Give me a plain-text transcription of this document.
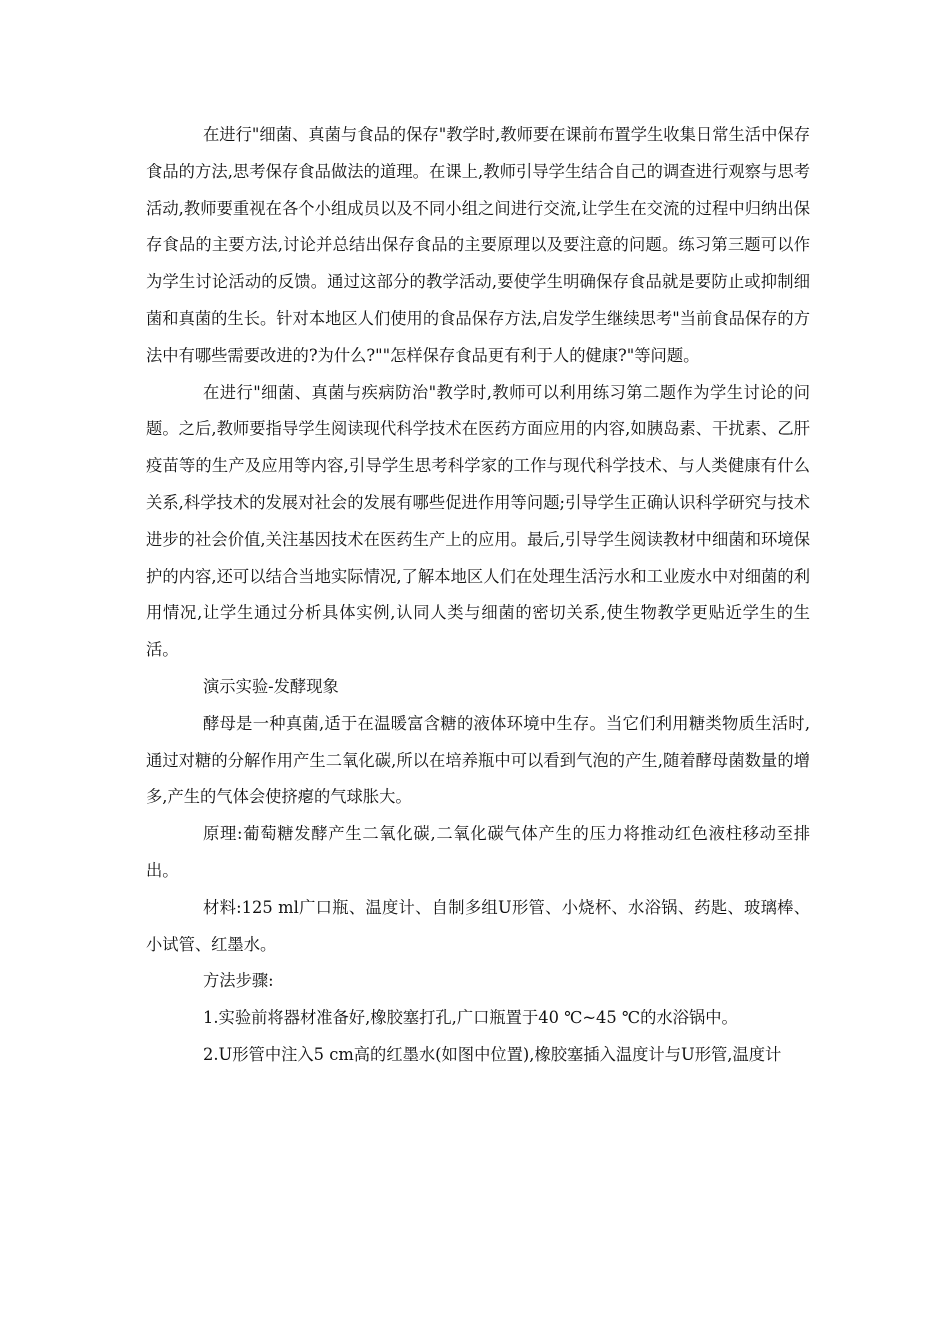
在进行"细菌、真菌与食品的保存"教学时,教师要在课前布置学生收集日常生活中保存食品的方法,思考保存食品做法的道理。在课上,教师引导学生结合自己的调查进行观察与思考活动,教师要重视在各个小组成员以及不同小组之间进行交流,让学生在交流的过程中归纳出保存食品的主要方法,讨论并总结出保存食品的主要原理以及要注意的问题。练习第三题可以作为学生讨论活动的反馈。通过这部分的教学活动,要使学生明确保存食品就是要防止或抑制细菌和真菌的生长。针对本地区人们使用的食品保存方法,启发学生继续思考"当前食品保存的方法中有哪些需要改进的?为什么?""怎样保存食品更有利于人的健康?"等问题。

在进行"细菌、真菌与疾病防治"教学时,教师可以利用练习第二题作为学生讨论的问题。之后,教师要指导学生阅读现代科学技术在医药方面应用的内容,如胰岛素、干扰素、乙肝疫苗等的生产及应用等内容,引导学生思考科学家的工作与现代科学技术、与人类健康有什么关系,科学技术的发展对社会的发展有哪些促进作用等问题;引导学生正确认识科学研究与技术进步的社会价值,关注基因技术在医药生产上的应用。最后,引导学生阅读教材中细菌和环境保护的内容,还可以结合当地实际情况,了解本地区人们在处理生活污水和工业废水中对细菌的利用情况,让学生通过分析具体实例,认同人类与细菌的密切关系,使生物教学更贴近学生的生活。

演示实验-发酵现象

酵母是一种真菌,适于在温暖富含糖的液体环境中生存。当它们利用糖类物质生活时,通过对糖的分解作用产生二氧化碳,所以在培养瓶中可以看到气泡的产生,随着酵母菌数量的增多,产生的气体会使挤瘪的气球胀大。

原理:葡萄糖发酵产生二氧化碳,二氧化碳气体产生的压力将推动红色液柱移动至排出。

材料:125 ml广口瓶、温度计、自制多组U形管、小烧杯、水浴锅、药匙、玻璃棒、小试管、红墨水。

方法步骤:

1.实验前将器材准备好,橡胶塞打孔,广口瓶置于40 ℃~45 ℃的水浴锅中。

2.U形管中注入5 cm高的红墨水(如图中位置),橡胶塞插入温度计与U形管,温度计
